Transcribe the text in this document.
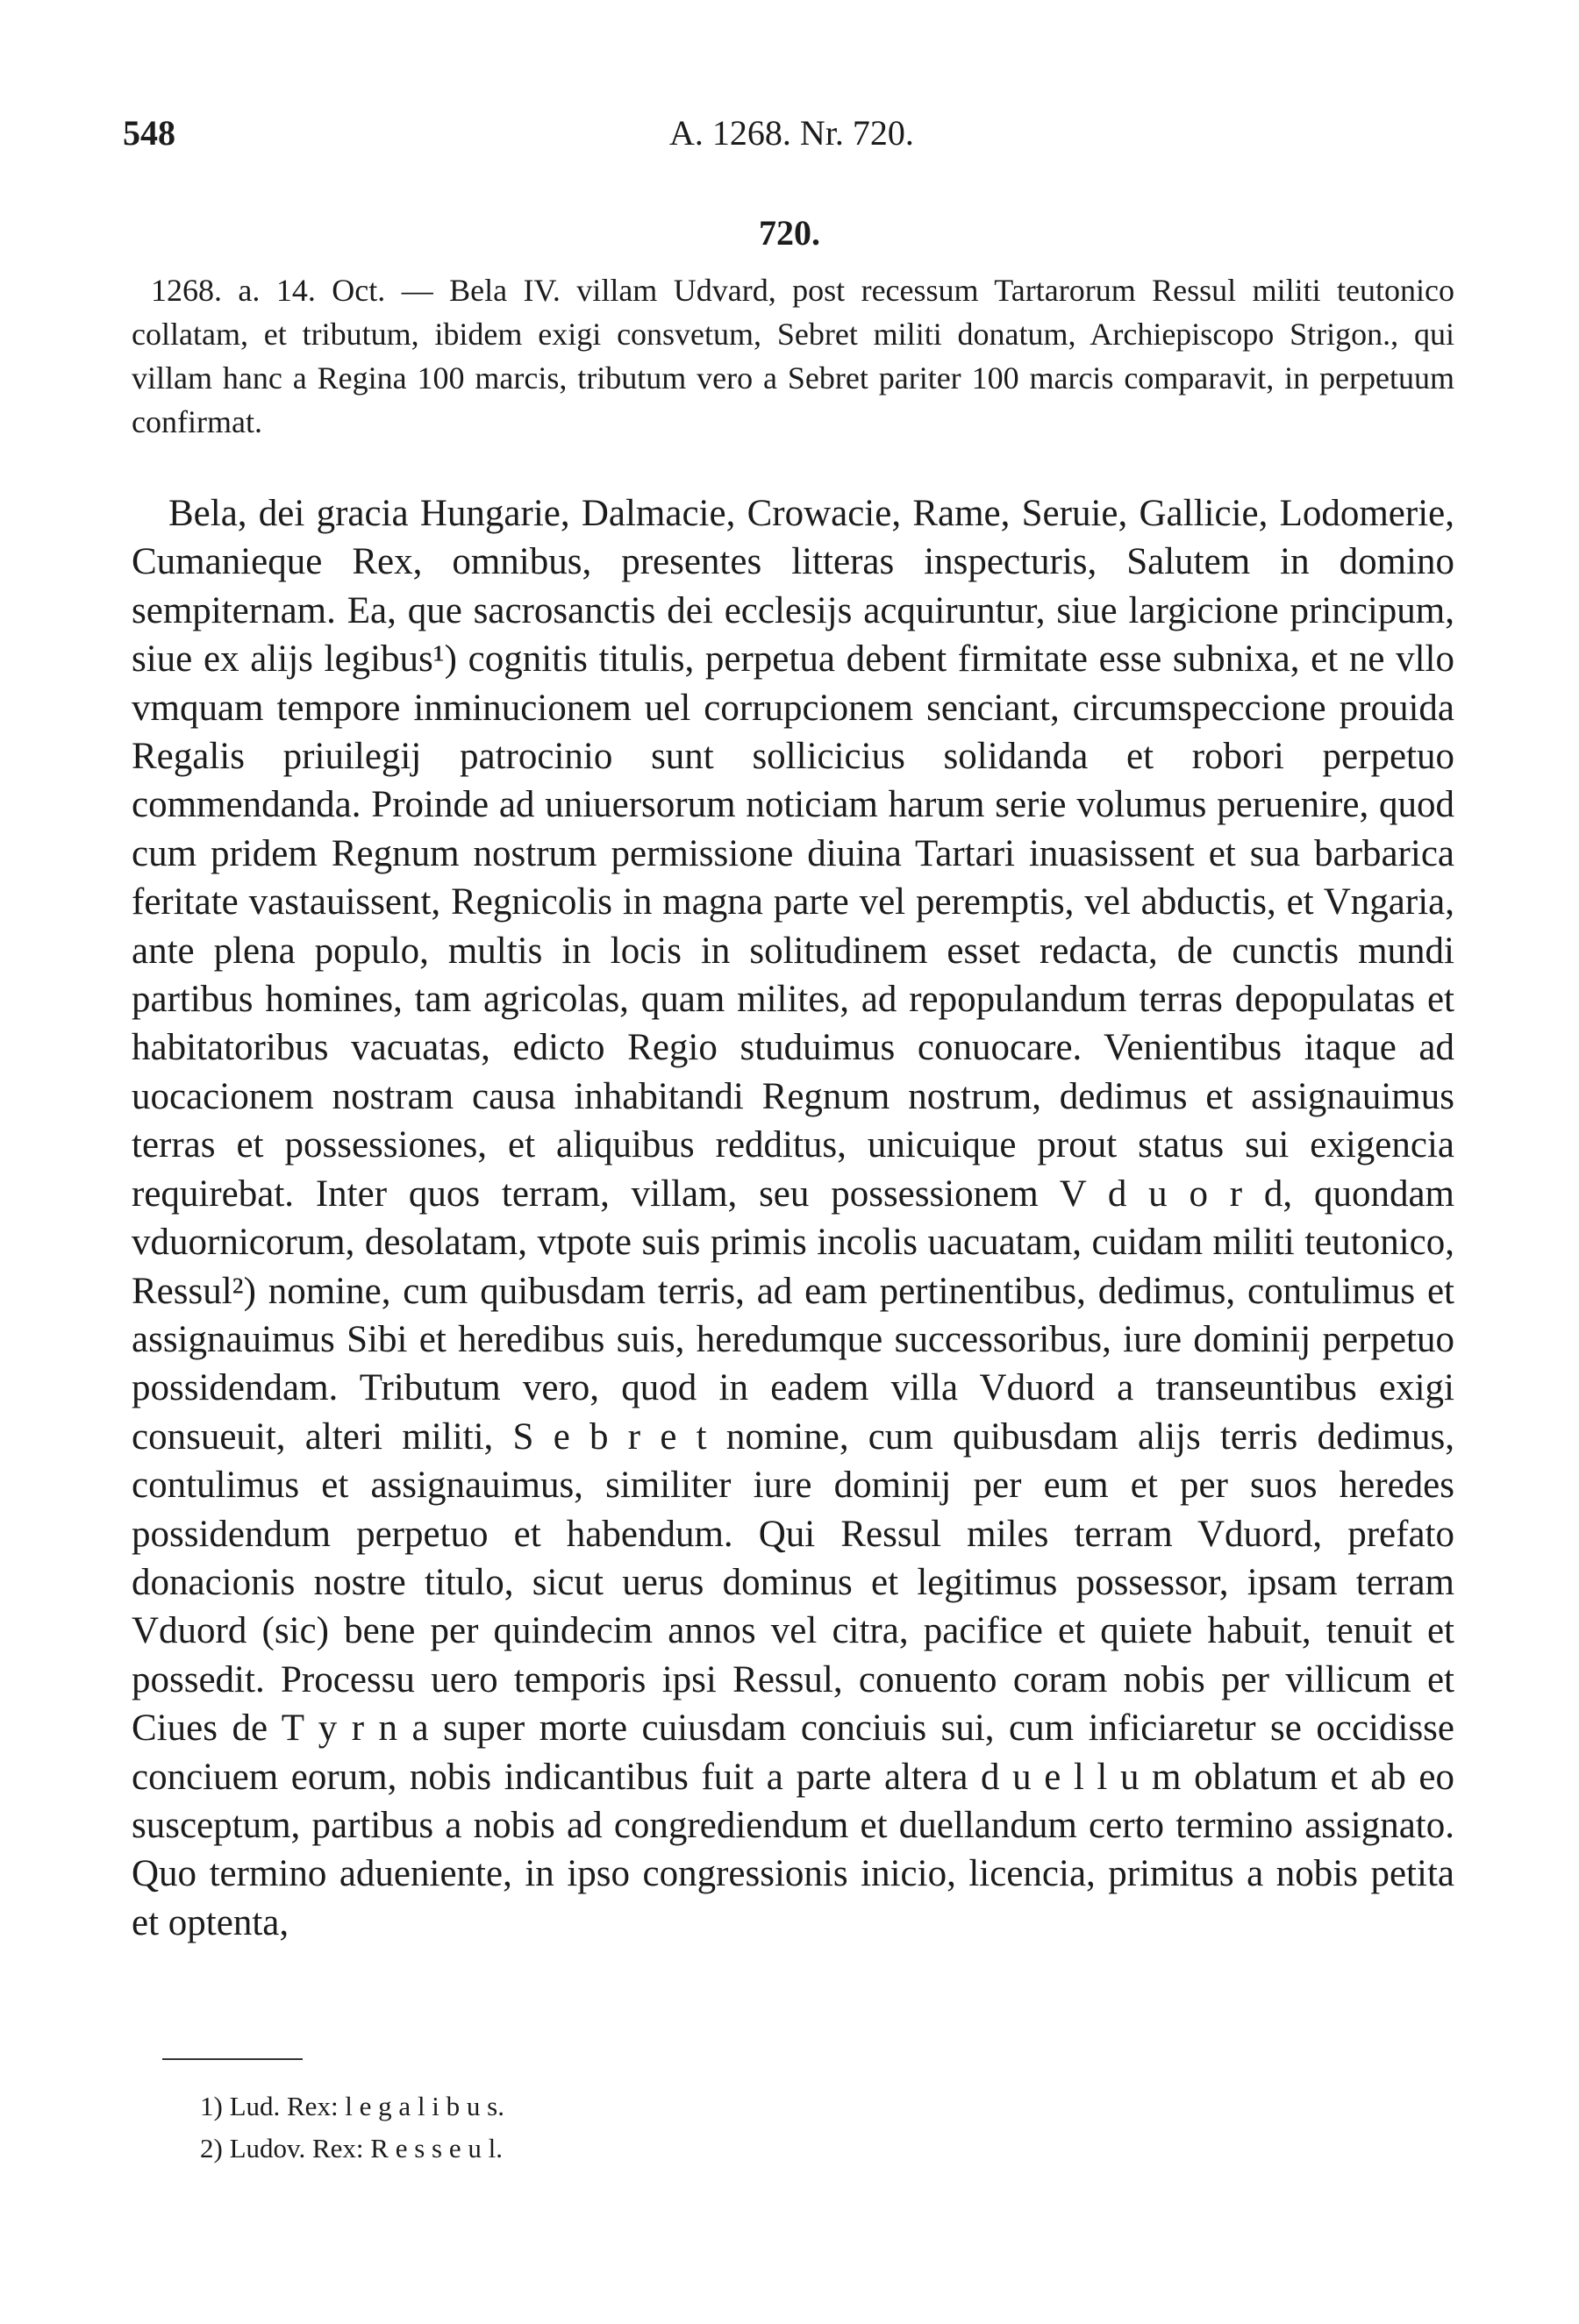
548	A. 1268. Nr. 720.
720.
1268. a. 14. Oct. — Bela IV. villam Udvard, post recessum Tartarorum Ressul militi teutonico collatam, et tributum, ibidem exigi consvetum, Sebret militi donatum, Archiepiscopo Strigon., qui villam hanc a Regina 100 marcis, tributum vero a Sebret pariter 100 marcis comparavit, in perpetuum confirmat.
Bela, dei gracia Hungarie, Dalmacie, Crowacie, Rame, Seruie, Gallicie, Lodomerie, Cumanieque Rex, omnibus, presentes litteras inspecturis, Salutem in domino sempiternam. Ea, que sacrosanctis dei ecclesijs acquiruntur, siue largicione principum, siue ex alijs legibus¹) cognitis titulis, perpetua debent firmitate esse subnixa, et ne vllo vmquam tempore inminucionem uel corrupcionem senciant, circumspeccione prouida Regalis priuilegij patrocinio sunt sollicicius solidanda et robori perpetuo commendanda. Proinde ad uniuersorum noticiam harum serie volumus peruenire, quod cum pridem Regnum nostrum permissione diuina Tartari inuasissent et sua barbarica feritate vastauissent, Regnicolis in magna parte vel peremptis, vel abductis, et Vngaria, ante plena populo, multis in locis in solitudinem esset redacta, de cunctis mundi partibus homines, tam agricolas, quam milites, ad repopulandum terras depopulatas et habitatoribus vacuatas, edicto Regio studuimus conuocare. Venientibus itaque ad uocacionem nostram causa inhabitandi Regnum nostrum, dedimus et assignauimus terras et possessiones, et aliquibus redditus, unicuique prout status sui exigencia requirebat. Inter quos terram, villam, seu possessionem V d u o r d, quondam vduornicorum, desolatam, vtpote suis primis incolis uacuatam, cuidam militi teutonico, Ressul²) nomine, cum quibusdam terris, ad eam pertinentibus, dedimus, contulimus et assignauimus Sibi et heredibus suis, heredumque successoribus, iure dominij perpetuo possidendam. Tributum vero, quod in eadem villa Vduord a transeuntibus exigi consueuit, alteri militi, S e b r e t nomine, cum quibusdam alijs terris dedimus, contulimus et assignauimus, similiter iure dominij per eum et per suos heredes possidendum perpetuo et habendum. Qui Ressul miles terram Vduord, prefato donacionis nostre titulo, sicut uerus dominus et legitimus possessor, ipsam terram Vduord (sic) bene per quindecim annos vel citra, pacifice et quiete habuit, tenuit et possedit. Processu uero temporis ipsi Ressul, conuento coram nobis per villicum et Ciues de T y r n a super morte cuiusdam conciuis sui, cum inficiaretur se occidisse conciuem eorum, nobis indicantibus fuit a parte altera d u e l l u m oblatum et ab eo susceptum, partibus a nobis ad congrediendum et duellandum certo termino assignato. Quo termino adueniente, in ipso congressionis inicio, licencia, primitus a nobis petita et optenta,
1) Lud. Rex: l e g a l i b u s.
2) Ludov. Rex: R e s s e u l.
